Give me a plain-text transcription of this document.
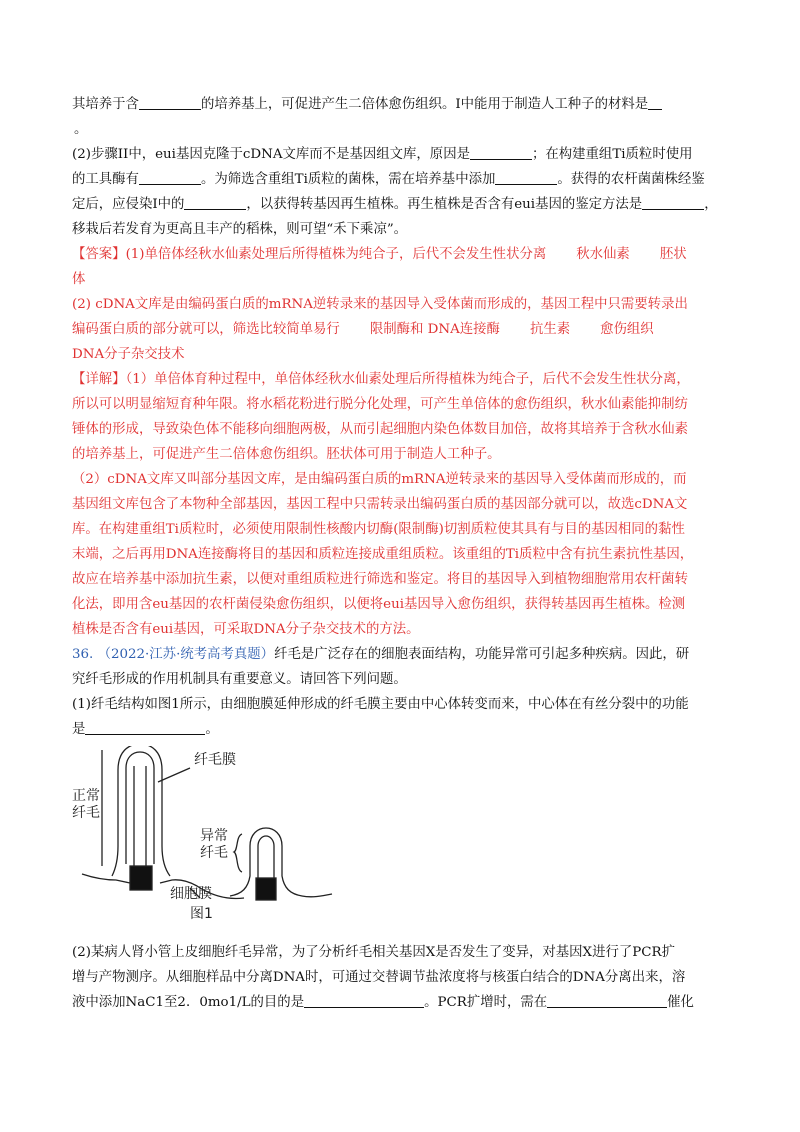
其培养于含	的培养基上，可促进产生二倍体愈伤组织。I中能用于制造人工种子的材料是

。

(2)步骤II中，eui基因克隆于cDNA文库而不是基因组文库，原因是	；在构建重组Ti质粒时使用

的工具酶有	。为筛选含重组Ti质粒的菌株，需在培养基中添加	。获得的农杆菌菌株经鉴

定后，应侵染I中的	，以获得转基因再生植株。再生植株是否含有eui基因的鉴定方法是	，

移栽后若发育为更高且丰产的稻株，则可望“禾下乘凉”。

【答案】(1)单倍体经秋水仙素处理后所得植株为纯合子，后代不会发生性状分离 秋水仙素 胚状

体

(2) cDNA文库是由编码蛋白质的mRNA逆转录来的基因导入受体菌而形成的，基因工程中只需要转录出

编码蛋白质的部分就可以，筛选比较简单易行 限制酶和 DNA连接酶 抗生素 愈伤组织

DNA分子杂交技术

【详解】（1）单倍体育种过程中，单倍体经秋水仙素处理后所得植株为纯合子，后代不会发生性状分离，

所以可以明显缩短育种年限。将水稻花粉进行脱分化处理，可产生单倍体的愈伤组织，秋水仙素能抑制纺

锤体的形成，导致染色体不能移向细胞两极，从而引起细胞内染色体数目加倍，故将其培养于含秋水仙素

的培养基上，可促进产生二倍体愈伤组织。胚状体可用于制造人工种子。

（2）cDNA文库又叫部分基因文库，是由编码蛋白质的mRNA逆转录来的基因导入受体菌而形成的，而

基因组文库包含了本物种全部基因，基因工程中只需转录出编码蛋白质的基因部分就可以，故选cDNA文

库。在构建重组Ti质粒时，必须使用限制性核酸内切酶(限制酶)切割质粒使其具有与目的基因相同的黏性

末端，之后再用DNA连接酶将目的基因和质粒连接成重组质粒。该重组的Ti质粒中含有抗生素抗性基因，

故应在培养基中添加抗生素，以便对重组质粒进行筛选和鉴定。将目的基因导入到植物细胞常用农杆菌转

化法，即用含eu基因的农杆菌侵染愈伤组织，以便将eui基因导入愈伤组织，获得转基因再生植株。检测

植株是否含有eui基因，可采取DNA分子杂交技术的方法。

36. （2022·江苏·统考高考真题）纤毛是广泛存在的细胞表面结构，功能异常可引起多种疾病。因此，研

究纤毛形成的作用机制具有重要意义。请回答下列问题。

(1)纤毛结构如图1所示，由细胞膜延伸形成的纤毛膜主要由中心体转变而来，中心体在有丝分裂中的功能

是	。

纤毛膜
正常纤毛
异常纤毛
细胞膜
图1

(2)某病人肾小管上皮细胞纤毛异常，为了分析纤毛相关基因X是否发生了变异，对基因X进行了PCR扩

增与产物测序。从细胞样品中分离DNA时，可通过交替调节盐浓度将与核蛋白结合的DNA分离出来，溶

液中添加NaC1至2．0mo1/L的目的是	。PCR扩增时，需在	催化
